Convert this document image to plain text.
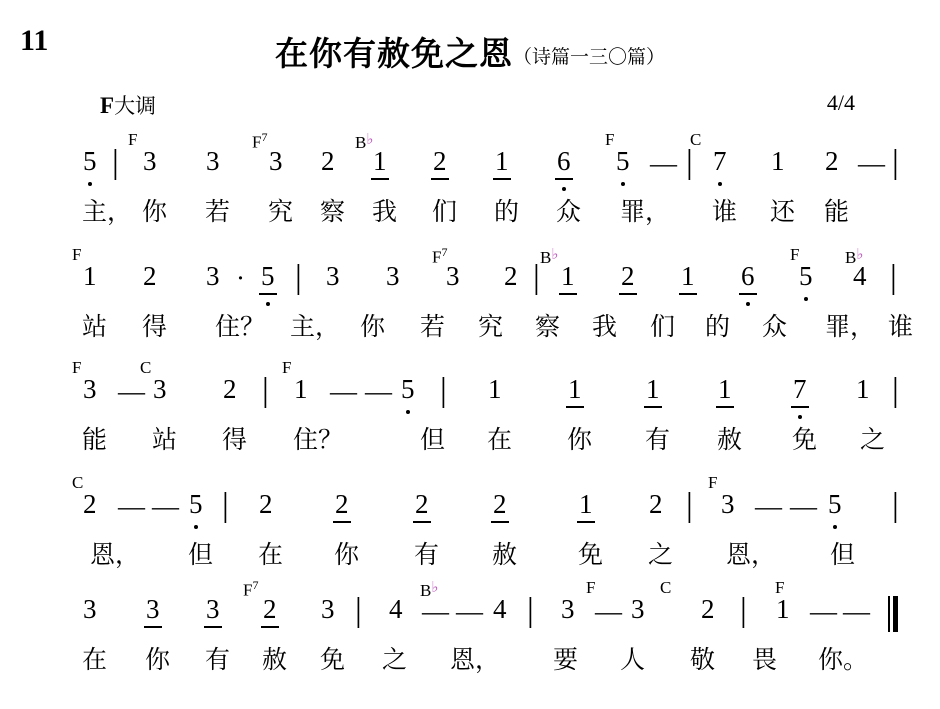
11	在你有赦免之恩（诗篇一三〇篇）
F大调	4/4
F	$F^7$	B♭	F	C
5 | 3 3 3 2 1 2 1 6 5 — | 7 1 2 — |
主， 你 若 究 察 我 们 的 众 罪， 谁 还 能
F	$F^7$	B♭	F	B♭
1 2 3 · 5 | 3 3 3 2 | 1 2 1 6 5 4 |
站 得 住？ 主， 你 若 究 察 我 们 的 众 罪， 谁
F	C	F
3 — 3 2 | 1 — — 5 | 1 1 1 1 7 1 |
能 站 得 住？	但 在 你 有 赦 免 之
C	F
2 — — 5 | 2 2 2 2	1 2 | 3 — — 5 |
恩， 但 在 你 有 赦 免 之 恩， 但
$F^7$	B♭	F	C	F
3 3 3 2 3 | 4 — — 4 | 3 — 3 2 | 1 — —
在 你 有 赦 免 之 恩， 要 人 敬 畏 你。
